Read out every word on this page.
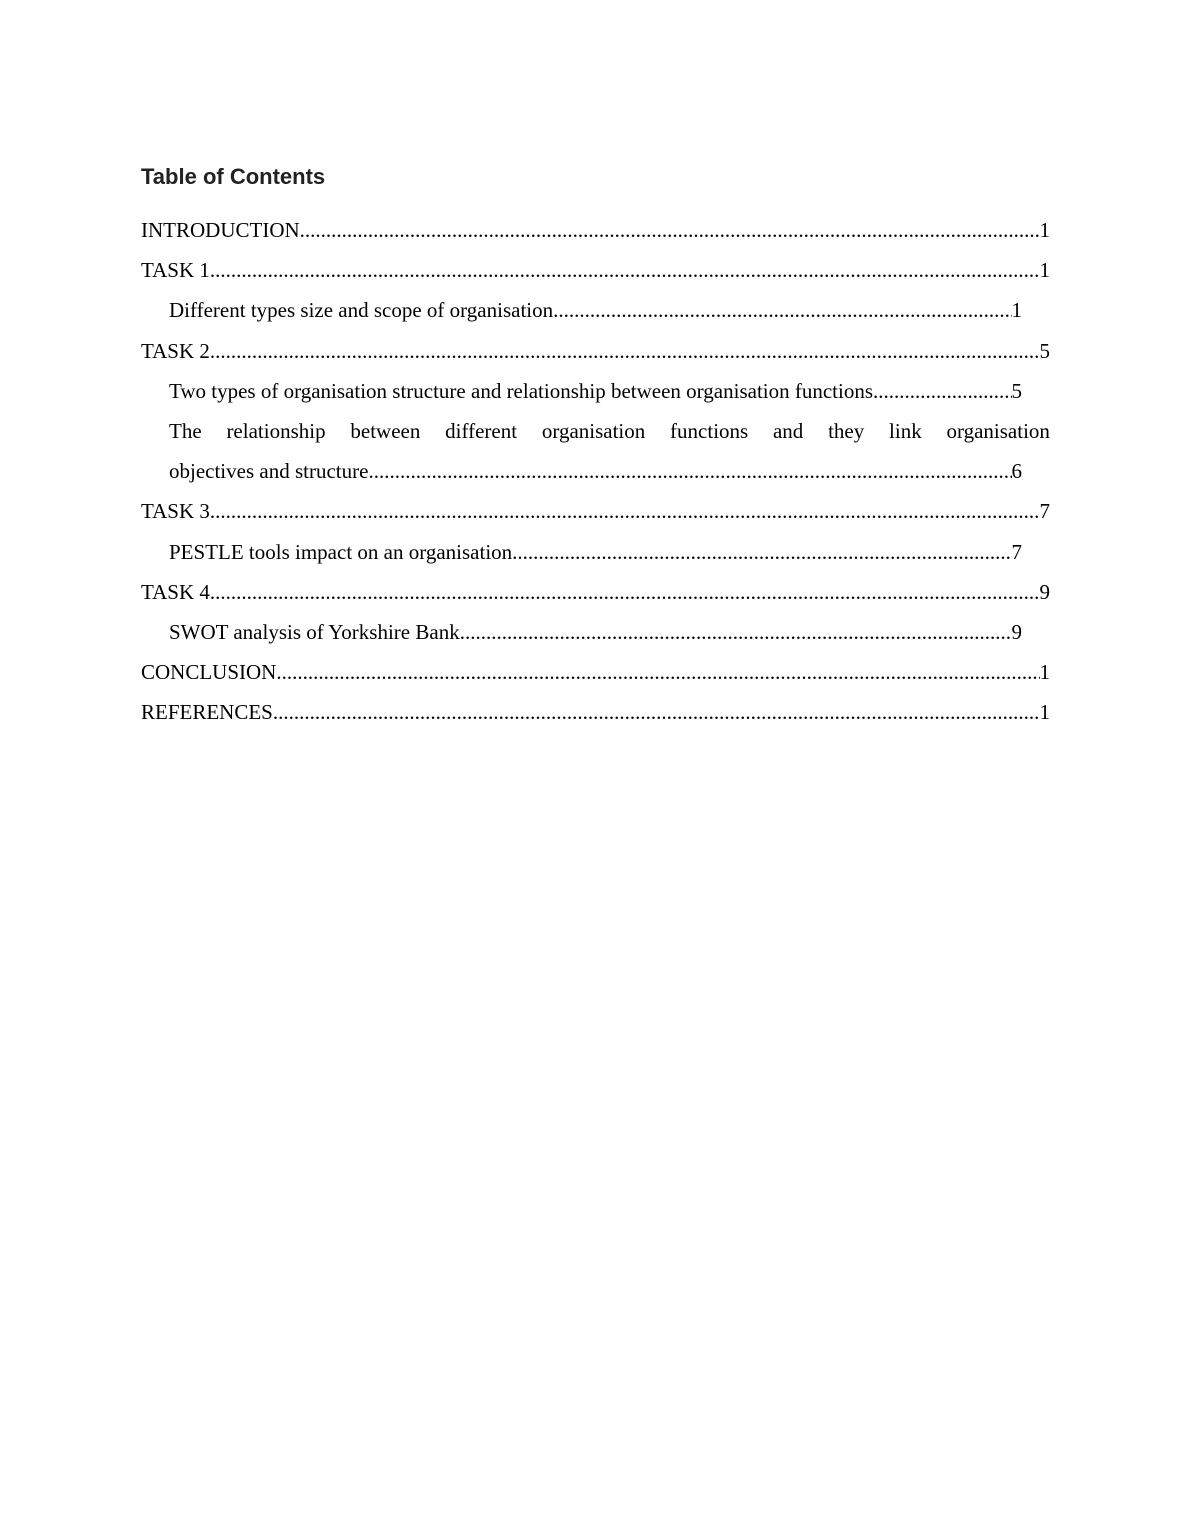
Table of Contents
INTRODUCTION .....	1
TASK 1 .....	1
Different types size and scope of organisation .....	1
TASK 2 .....	5
Two types of organisation structure and relationship between organisation functions .....	5
The relationship between different organisation functions and they link organisation
objectives and structure .....	6
TASK 3 .....	7
PESTLE tools impact on an organisation .....	7
TASK 4 .....	9
SWOT analysis of Yorkshire Bank .....	9
CONCLUSION .....	1
REFERENCES .....	1
